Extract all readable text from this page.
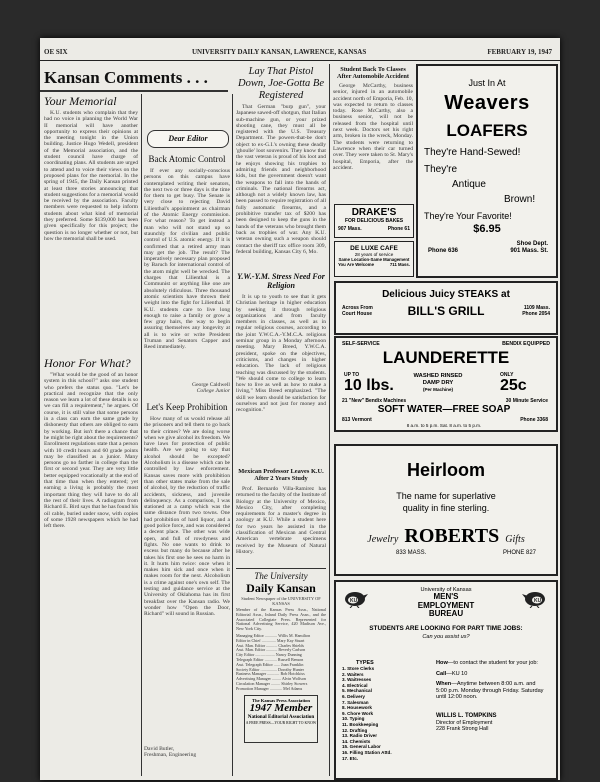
OE SIX	UNIVERSITY DAILY KANSAN, LAWRENCE, KANSAS	FEBRUARY 19, 1947
Kansan Comments . . .
Your Memorial

K.U. students who complain that they had no voice in planning the World War II memorial will have another opportunity to express their opinions at the meeting tonight in the Union building. Justice Hugo Wedell, president of the Memorial association, and the student council have charge of coordinating plans. All students are urged to attend and to voice their views on the proposed plans for the memorial. In the spring of 1945, the Daily Kansan printed at least three stories announcing that student suggestions for a memorial would be received by the association. Faculty members were requested to help inform students about what kind of memorial they preferred. Some $139,000 has been given specifically for this project; the question is no longer whether or not, but how the memorial shall be used.

Honor For What?

"What would be the good of an honor system in this school?" asks one student who prefers the status quo. "Let's be practical and recognize that the only reason we learn a lot of these details is so we can fill a requirement," he argues. Of course, it is still value that some persons in a class can earn the same grade by dishonesty that others are obliged to earn by working. But isn't there a chance that he might be right about the requirements? Enrollment regulations state that a person with 10 credit hours and 60 grade points may be classified as a junior. Many persons go no farther in college than the first or second year. They are very little better equipped vocationally at the end of that time than when they entered; yet earning a living is probably the most important thing they will have to do all the rest of their lives. A radiogram from Richard E. Bird says that he has found his oil cable, buried under snow, with copies of some 1928 newspapers which he had left there.

Dear Editor
Back Atomic Control

If ever any socially-conscious persons on this campus have contemplated writing their senators, the next two or three days is the time for them to get busy. The Senate is very close to rejecting David Lilienthal's appointment as chairman of the Atomic Energy commission. For what reason? To get instead a man who will not stand up so staunchly for civilian and public control of U.S. atomic energy. If it is confirmed that a retired army man may get the job. The result? The imperatively necessary plan proposed by Baruch for international control of the atom might well be wrecked. The charges that Lilienthal is a Communist or anything like one are absolutely ridiculous. Three thousand atomic scientists have thrown their weight into the fight for Lilienthal. If K.U. students care to live long enough to raise a family or grow a few gray hairs, the way to begin assuring themselves any longevity at all is to wire or write President Truman and Senators Capper and Reed immediately.

George Caldwell
College Junior
Let's Keep Prohibition

How many of us would release all the prisoners and tell them to go back to their crimes? We are doing worse when we give alcohol its freedom. We have laws for protection of public health. Are we going to say that alcohol should be excepted? Alcoholism is a disease which can be controlled by law enforcement. Kansas saves more with prohibition than other states make from the sale of alcohol, by the reduction of traffic accidents, sickness, and juvenile delinquency. As a comparison, I was stationed at a camp which was the same distance from two towns. One had prohibition of hard liquor, and a good police force, and was considered a decent place. The other was wide open, and full of rowdyness and fights. No one wants to drink to excess but many do because after he takes his first one he sees no harm in it. It hurts him twice: once when it makes him sick and once when it makes room for the next. Alcoholism is a crime against one's own self. The testing and guidance service at the University of Oklahoma has its first breakfast over the Kansan radio. We wonder how "Open the Door, Richard" will sound in Russian.

David Butler,
Freshman, Engineering
Lay That Pistol Down, Joe-Gotta Be Registered

That German "burp gun", your Japanese sawed-off shotgun, that Italian sub-machine gun, or your prized shooting cane, they must all be registered with the U.S. Treasury Department. The powers-that-be don't object to ex-G.I.'s owning these deadly 'ghoulie' loot souvenirs. They know that the vast veteran is proud of his loot and he enjoys showing his trophies to admiring friends and neighborhood kids, but the government doesn't want the weapons to fall into the hands of criminals. The national firearms act, although not a widely known law, has been passed to require registration of all fully automatic firearms, and a prohibitive transfer tax of $200 has been designed to keep the guns in the hands of the veterans who brought them back as trophies of war. Any K.U. veteran owning such a weapon should contact the sheriff tax office room 309, federal building, Kansas City 6, Mo.

Y.W.-Y.M. Stress Need For Religion

It is up to youth to see that it gets Christian heritage in higher education by seeking it through religious organizations and from faculty members in classes, as well as in regular religious courses, according to the joint Y.W.C.A.-Y.M.C.A. religious seminar group in a Monday afternoon meeting. Mary Breed, Y.W.C.A. president, spoke on the objectives, criticisms, and changes in higher education. The lack of religious teaching was discussed by the students. "We should come to college to learn how to live as well as how to make a living," Miss Breed emphasized. "The skill we learn should be satisfaction for ourselves and not just for money and recognition."

Mexican Professor Leaves K.U. After 2 Years Study

Prof. Bernardo Villa-Ramirez has returned to the faculty of the Institute of Biology at the University of Mexico, Mexico City, after completing requirements for a master's degree in zoology at K.U. While a student here for two years he assisted in the classification of Mexican and Central American vertebrate specimens received by the Museum of Natural History.

The University
Daily Kansan
Student Newspaper of the UNIVERSITY OF KANSAS
Member of the Kansas Press Assn., National Editorial Assn., Inland Daily Press Assn., and the Associated Collegiate Press. Represented for National Advertising Service, 420 Madison Ave., New York City.
Managing Editor ............ Willis M. Hamilton
Editor in Chief .............. Mary Kay Stuart
Asst. Man. Editor ........... Charles Shields
Asst. Man. Editor ........... Beverly Carlson
City Editor ................... Nancy Dunning
Telegraph Editor ............ Russell Benson
Asst. Telegraph Editor ...... Joan Franklin
Society Editor ................ Dorothy Hunter
Business Manager ............ Bob Hotchkiss
Advertising Manager ......... Alvin Wolfson
Circulation Manager ......... Shirley Stowers
Promotion Manager ............ Mel Adams
The Kansas Press Association
1947 Member
National Editorial Association
A FREE PRESS—YOUR RIGHT TO KNOW
Student Back To Classes After Automobile Accident

George McCarthy, business senior, injured in an automobile accident north of Emporia, Feb. 10, was expected to return to classes today. Rose McCarthy, also a business senior, will not be released from the hospital until next week. Doctors set his right arm, broken in the wreck, Monday. The students were returning to Lawrence when their car turned over. They were taken to St. Mary's hospital, Emporia, after the accident.

DRAKE'S
FOR DELICIOUS BAKES
907 Mass.	Phone 61
DE LUXE CAFE
28 years of service
Same Location-Same Management
You Are Welcome	711 Mass.
Just In At
Weavers
LOAFERS
They're Hand-Sewed!
They're
Antique
Brown!
They're Your Favorite!
$6.95
Shoe Dept.
Phone 636	901 Mass. St.
Delicious Juicy STEAKS at
Across From Court House	BILL'S GRILL	1109 Mass. Phone 2054
SELF-SERVICE	BENDIX EQUIPPED
LAUNDERETTE
UP TO
10 lbs.
WASHED RINSED DAMP DRY
(Per Machine)
ONLY
25c
21 "New" Bendix Machines	30 Minute Service
SOFT WATER—FREE SOAP
813 Vermont	Phone 3368
8 a.m. to 5 p.m. Sat. 8 a.m. to 5 p.m.
Heirloom
The name for superlative
quality in fine sterling.
Jewelry ROBERTS Gifts
833 MASS.	PHONE 827
KU	KU
University of Kansas
MEN'S
EMPLOYMENT
BUREAU
STUDENTS ARE LOOKING FOR PART TIME JOBS:
Can you assist us?
TYPES
1. Store Clerks
2. Waiters
3. Waitresses
4. Electrical
5. Mechanical
6. Delivery
7. Salesman
8. Housework
9. Chore Work
10. Typing
11. Bookkeeping
12. Drafting
13. Radio Driver
14. Chemists
15. General Labor
16. Filling Station Attd.
17. Etc.
How—to contact the student for your job:
Call—KU 10
When—Anytime between 8:00 a.m. and 5:00 p.m. Monday through Friday. Saturday until 12:00 noon.
WILLIS L. TOMPKINS
Director of Employment
228 Frank Strong Hall
